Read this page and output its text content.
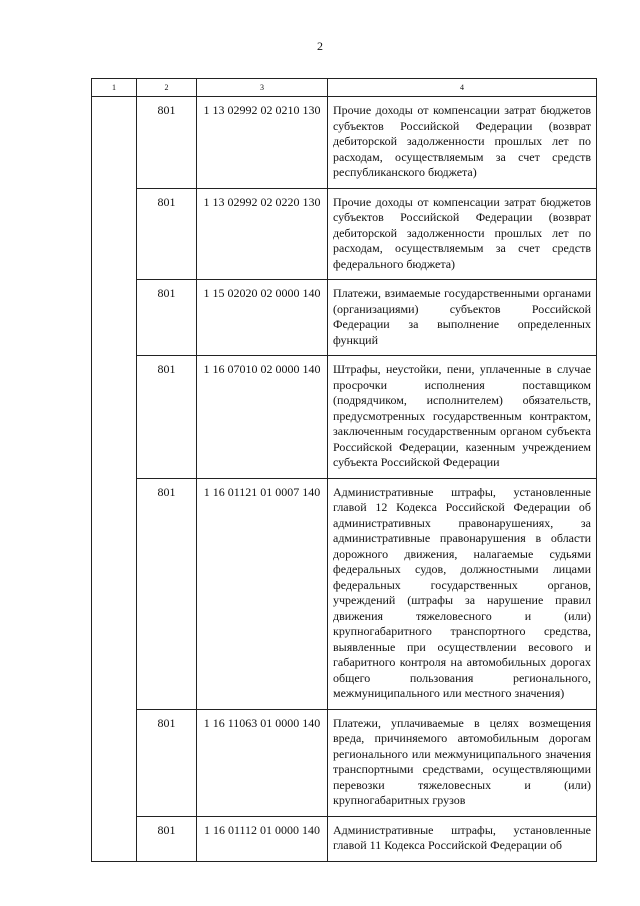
2
1	2	3	4
	801	1 13 02992 02 0210 130	Прочие доходы от компенсации затрат бюджетов субъектов Российской Федерации (возврат дебиторской задолженности прошлых лет по расходам, осуществляемым за счет средств республиканского бюджета)
	801	1 13 02992 02 0220 130	Прочие доходы от компенсации затрат бюджетов субъектов Российской Федерации (возврат дебиторской задолженности прошлых лет по расходам, осуществляемым за счет средств федерального бюджета)
	801	1 15 02020 02 0000 140	Платежи, взимаемые государственными органами (организациями) субъектов Российской Федерации за выполнение определенных функций
	801	1 16 07010 02 0000 140	Штрафы, неустойки, пени, уплаченные в случае просрочки исполнения поставщиком (подрядчиком, исполнителем) обязательств, предусмотренных государственным контрактом, заключенным государственным органом субъекта Российской Федерации, казенным учреждением субъекта Российской Федерации
	801	1 16 01121 01 0007 140	Административные штрафы, установленные главой 12 Кодекса Российской Федерации об административных правонарушениях, за административные правонарушения в области дорожного движения, налагаемые судьями федеральных судов, должностными лицами федеральных государственных органов, учреждений (штрафы за нарушение правил движения тяжеловесного и (или) крупногабаритного транспортного средства, выявленные при осуществлении весового и габаритного контроля на автомобильных дорогах общего пользования регионального, межмуниципального или местного значения)
	801	1 16 11063 01 0000 140	Платежи, уплачиваемые в целях возмещения вреда, причиняемого автомобильным дорогам регионального или межмуниципального значения транспортными средствами, осуществляющими перевозки тяжеловесных и (или) крупногабаритных грузов
	801	1 16 01112 01 0000 140	Административные штрафы, установленные главой 11 Кодекса Российской Федерации об
